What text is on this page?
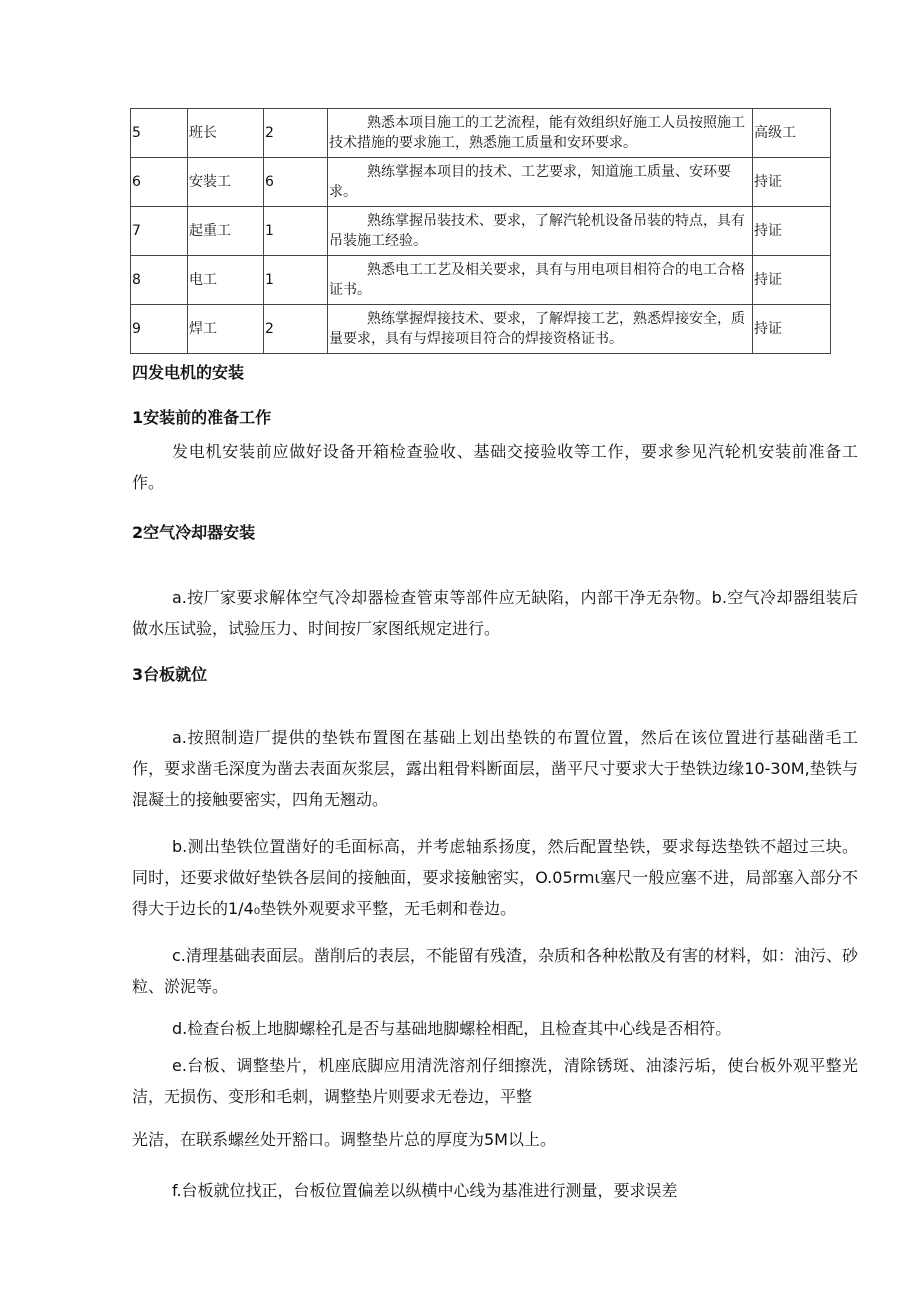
5	班长	2	熟悉本项目施工的工艺流程，能有效组织好施工人员按照施工技术措施的要求施工，熟悉施工质量和安环要求。	高级工
6	安装工	6	熟练掌握本项目的技术、工艺要求，知道施工质量、安环要求。	持证
7	起重工	1	熟练掌握吊装技术、要求，了解汽轮机设备吊装的特点，具有吊装施工经验。	持证
8	电工	1	熟悉电工工艺及相关要求，具有与用电项目相符合的电工合格证书。	持证
9	焊工	2	熟练掌握焊接技术、要求，了解焊接工艺，熟悉焊接安全，质量要求，具有与焊接项目符合的焊接资格证书。	持证
四发电机的安装
1安装前的准备工作
发电机安装前应做好设备开箱检查验收、基础交接验收等工作，要求参见汽轮机安装前准备工作。
2空气冷却器安装
a.按厂家要求解体空气冷却器检查管束等部件应无缺陷，内部干净无杂物。b.空气冷却器组装后做水压试验，试验压力、时间按厂家图纸规定进行。
3台板就位
a.按照制造厂提供的垫铁布置图在基础上划出垫铁的布置位置，然后在该位置进行基础凿毛工作，要求凿毛深度为凿去表面灰浆层，露出粗骨料断面层，凿平尺寸要求大于垫铁边缘10-30M,垫铁与混凝土的接触要密实，四角无翘动。
b.测出垫铁位置凿好的毛面标高，并考虑轴系扬度，然后配置垫铁，要求每迭垫铁不超过三块。同时，还要求做好垫铁各层间的接触面，要求接触密实，O.05rmι塞尺一般应塞不进，局部塞入部分不得大于边长的1/4₀垫铁外观要求平整，无毛刺和卷边。
c.清理基础表面层。凿削后的表层，不能留有残渣，杂质和各种松散及有害的材料，如：油污、砂粒、淤泥等。
d.检查台板上地脚螺栓孔是否与基础地脚螺栓相配，且检查其中心线是否相符。
e.台板、调整垫片，机座底脚应用清洗溶剂仔细擦洗，清除锈斑、油漆污垢，使台板外观平整光洁，无损伤、变形和毛刺，调整垫片则要求无卷边，平整
光洁，在联系螺丝处开豁口。调整垫片总的厚度为5M以上。
f.台板就位找正，台板位置偏差以纵横中心线为基准进行测量，要求误差
